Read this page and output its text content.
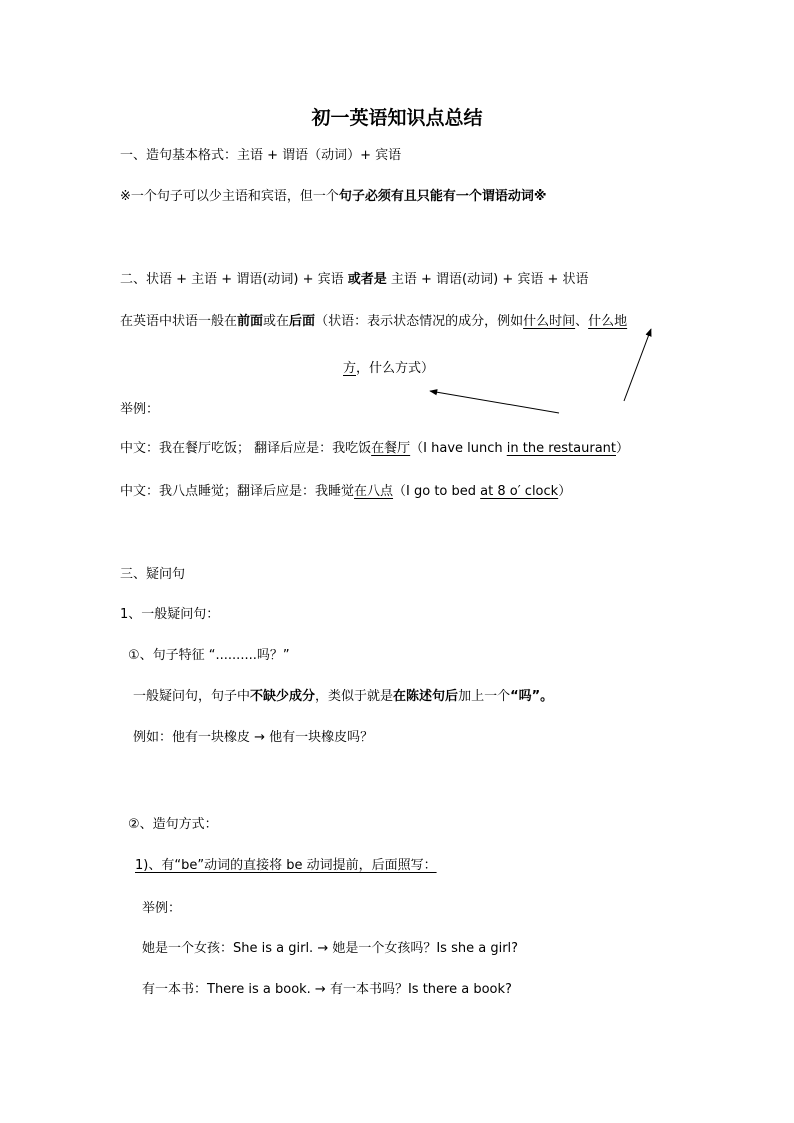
初一英语知识点总结
一、造句基本格式：主语 + 谓语（动词）+ 宾语
※一个句子可以少主语和宾语，但一个句子必须有且只能有一个谓语动词※
二、状语 + 主语 + 谓语(动词) + 宾语 或者是 主语 + 谓语(动词) + 宾语 + 状语
在英语中状语一般在前面或在后面（状语：表示状态情况的成分，例如什么时间、什么地
方，什么方式）
举例：
中文：我在餐厅吃饭； 翻译后应是：我吃饭在餐厅（I have lunch in the restaurant）
中文：我八点睡觉；翻译后应是：我睡觉在八点（I go to bed at 8 o′ clock）
三、疑问句
1、一般疑问句：
①、句子特征 “..........吗？”
一般疑问句，句子中不缺少成分，类似于就是在陈述句后加上一个“吗”。
例如：他有一块橡皮 → 他有一块橡皮吗？
②、造句方式：
1)、有“be”动词的直接将 be 动词提前，后面照写：
举例：
她是一个女孩：She is a girl. → 她是一个女孩吗？Is she a girl?
有一本书：There is a book. → 有一本书吗？Is there a book?
